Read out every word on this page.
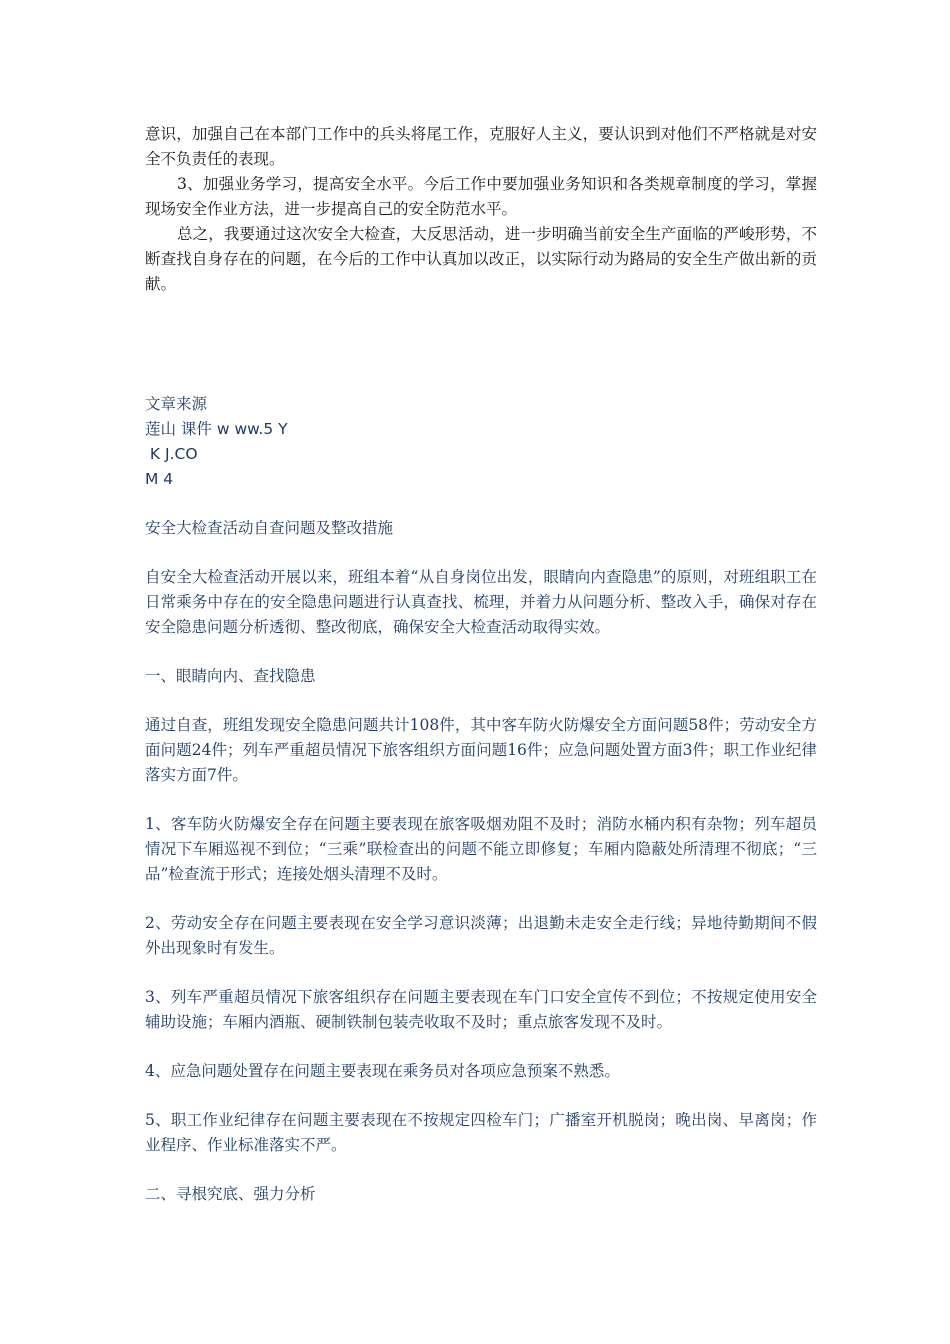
意识，加强自己在本部门工作中的兵头将尾工作，克服好人主义，要认识到对他们不严格就是对安全不负责任的表现。

3、加强业务学习，提高安全水平。今后工作中要加强业务知识和各类规章制度的学习，掌握现场安全作业方法，进一步提高自己的安全防范水平。

总之，我要通过这次安全大检查，大反思活动，进一步明确当前安全生产面临的严峻形势，不断查找自身存在的问题，在今后的工作中认真加以改正，以实际行动为路局的安全生产做出新的贡献。

文章来源

莲山 课件 w ww.5 Y

K J.CO

M 4

安全大检查活动自查问题及整改措施

自安全大检查活动开展以来，班组本着“从自身岗位出发，眼睛向内查隐患”的原则，对班组职工在日常乘务中存在的安全隐患问题进行认真查找、梳理，并着力从问题分析、整改入手，确保对存在安全隐患问题分析透彻、整改彻底，确保安全大检查活动取得实效。

一、眼睛向内、查找隐患

通过自查，班组发现安全隐患问题共计108件，其中客车防火防爆安全方面问题58件；劳动安全方面问题24件；列车严重超员情况下旅客组织方面问题16件；应急问题处置方面3件；职工作业纪律落实方面7件。

1、客车防火防爆安全存在问题主要表现在旅客吸烟劝阻不及时；消防水桶内积有杂物；列车超员情况下车厢巡视不到位；“三乘”联检查出的问题不能立即修复；车厢内隐蔽处所清理不彻底；“三品”检查流于形式；连接处烟头清理不及时。

2、劳动安全存在问题主要表现在安全学习意识淡薄；出退勤未走安全走行线；异地待勤期间不假外出现象时有发生。

3、列车严重超员情况下旅客组织存在问题主要表现在车门口安全宣传不到位；不按规定使用安全辅助设施；车厢内酒瓶、硬制铁制包装壳收取不及时；重点旅客发现不及时。

4、应急问题处置存在问题主要表现在乘务员对各项应急预案不熟悉。

5、职工作业纪律存在问题主要表现在不按规定四检车门；广播室开机脱岗；晚出岗、早离岗；作业程序、作业标准落实不严。

二、寻根究底、强力分析
